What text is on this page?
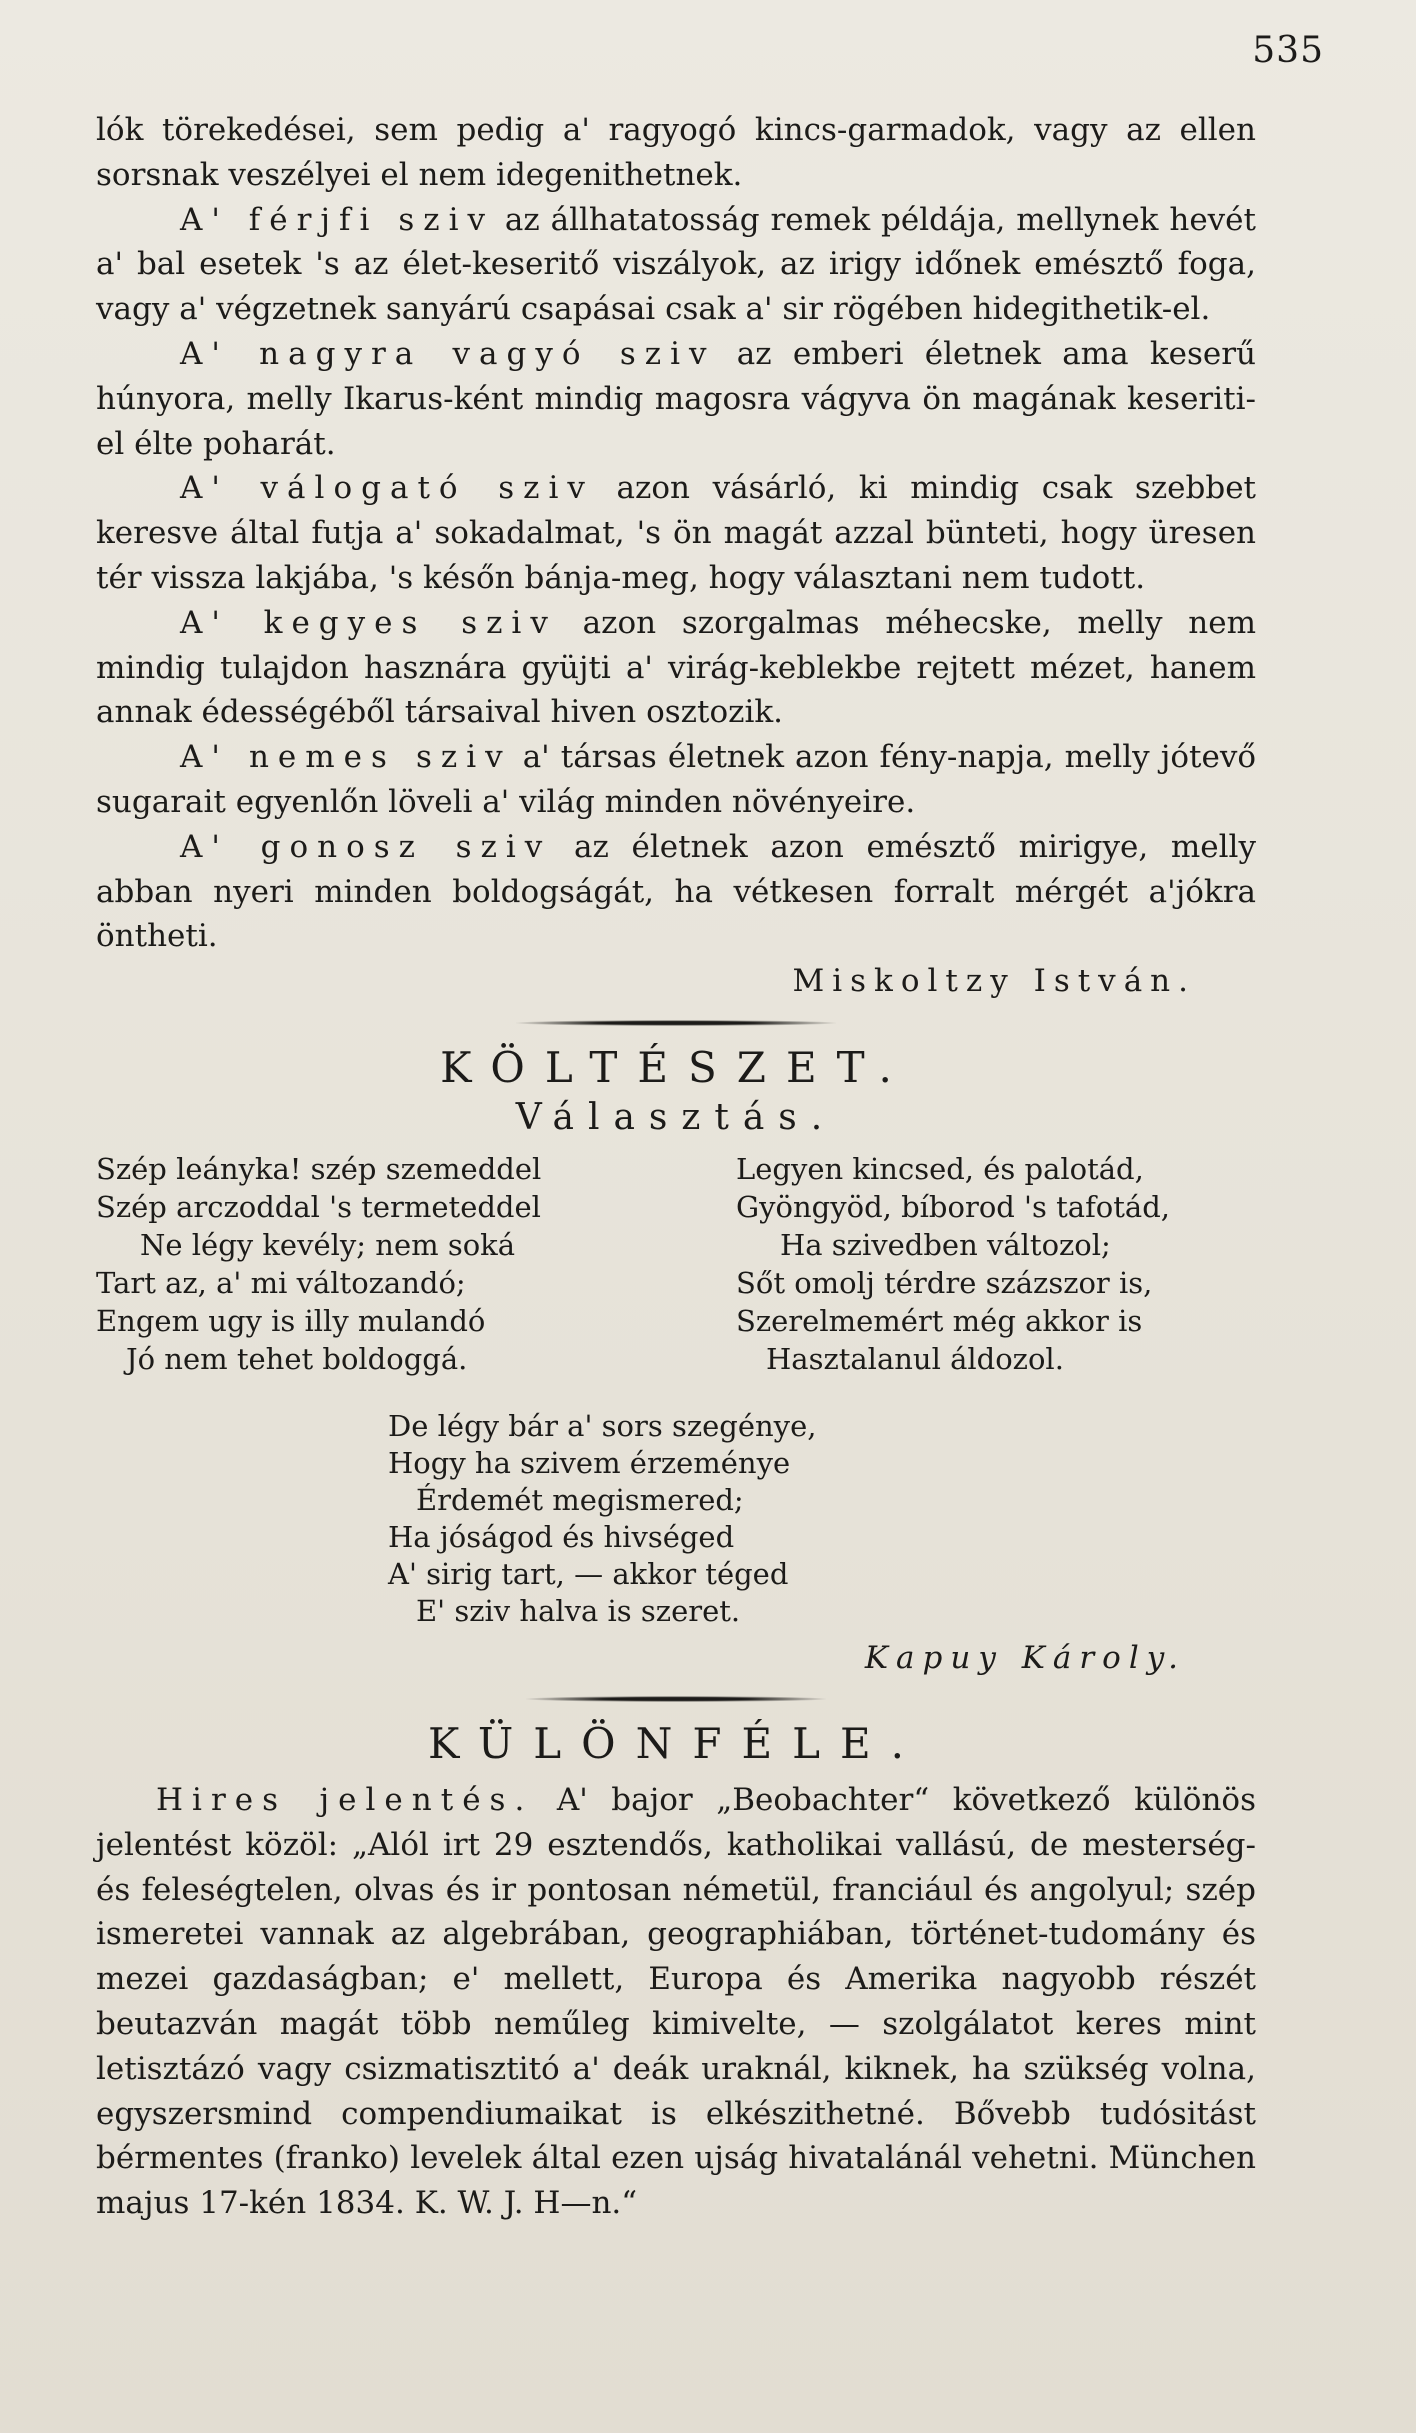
535

lók törekedései, sem pedig a' ragyogó kincs-garmadok, vagy az ellen sorsnak veszélyei el nem idegenithetnek.

A' férjfi sziv az állhatatosság remek példája, mellynek hevét a' bal esetek 's az élet-keseritő viszályok, az irigy időnek emésztő foga, vagy a' végzetnek sanyárú csapásai csak a' sir rögében hidegithetik-el.

A' nagyra vagyó sziv az emberi életnek ama keserű húnyora, melly Ikarus-ként mindig magosra vágyva ön magának keseriti-el élte poharát.

A' válogató sziv azon vásárló, ki mindig csak szebbet keresve által futja a' sokadalmat, 's ön magát azzal bünteti, hogy üresen tér vissza lakjába, 's későn bánja-meg, hogy választani nem tudott.

A' kegyes sziv azon szorgalmas méhecske, melly nem mindig tulajdon hasznára gyüjti a' virág-keblekbe rejtett mézet, hanem annak édességéből társaival hiven osztozik.

A' nemes sziv a' társas életnek azon fény-napja, melly jótevő sugarait egyenlőn löveli a' világ minden növényeire.

A' gonosz sziv az életnek azon emésztő mirigye, melly abban nyeri minden boldogságát, ha vétkesen forralt mérgét a'jókra öntheti.

Miskoltzy István.
KÖLTÉSZET.
Választás.
Szép leányka! szép szemeddel
Szép arczoddal 's termeteddel
Ne légy kevély; nem soká
Tart az, a' mi változandó;
Engem ugy is illy mulandó
Jó nem tehet boldoggá.
Legyen kincsed, és palotád,
Gyöngyöd, bíborod 's tafotád,
Ha szivedben változol;
Sőt omolj térdre százszor is,
Szerelmemért még akkor is
Hasztalanul áldozol.
De légy bár a' sors szegénye,
Hogy ha szivem érzeménye
Érdemét megismered;
Ha jóságod és hivséged
A' sirig tart, — akkor téged
E' sziv halva is szeret.
Kapuy Károly.
KÜLÖNFÉLE.

Hires jelentés. A' bajor „Beobachter“ következő különös jelentést közöl: „Alól irt 29 esztendős, katholikai vallású, de mesterség- és feleségtelen, olvas és ir pontosan németül, franciául és angolyul; szép ismeretei vannak az algebrában, geographiában, történet-tudomány és mezei gazdaságban; e' mellett, Europa és Amerika nagyobb részét beutazván magát több neműleg kimivelte, — szolgálatot keres mint letisztázó vagy csizmatisztitó a' deák uraknál, kiknek, ha szükség volna, egyszersmind compendiumaikat is elkészithetné. Bővebb tudósitást bérmentes (franko) levelek által ezen ujság hivatalánál vehetni. München majus 17-kén 1834. K. W. J. H—n.“
